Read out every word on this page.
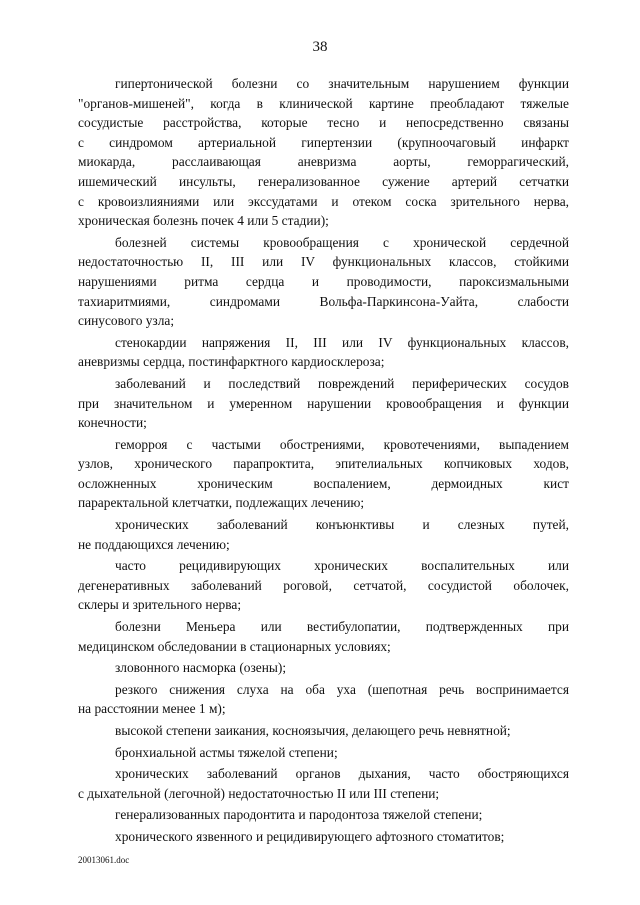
38
гипертонической болезни со значительным нарушением функции
"органов-мишеней", когда в клинической картине преобладают тяжелые
сосудистые расстройства, которые тесно и непосредственно связаны
с синдромом артериальной гипертензии (крупноочаговый инфаркт
миокарда, расслаивающая аневризма аорты, геморрагический,
ишемический инсульты, генерализованное сужение артерий сетчатки
с кровоизлияниями или экссудатами и отеком соска зрительного нерва,
хроническая болезнь почек 4 или 5 стадии);
болезней системы кровообращения с хронической сердечной
недостаточностью II, III или IV функциональных классов, стойкими
нарушениями ритма сердца и проводимости, пароксизмальными
тахиаритмиями, синдромами Вольфа-Паркинсона-Уайта, слабости
синусового узла;
стенокардии напряжения II, III или IV функциональных классов,
аневризмы сердца, постинфарктного кардиосклероза;
заболеваний и последствий повреждений периферических сосудов
при значительном и умеренном нарушении кровообращения и функции
конечности;
геморроя с частыми обострениями, кровотечениями, выпадением
узлов, хронического парапроктита, эпителиальных копчиковых ходов,
осложненных хроническим воспалением, дермоидных кист
параректальной клетчатки, подлежащих лечению;
хронических заболеваний конъюнктивы и слезных путей,
не поддающихся лечению;
часто рецидивирующих хронических воспалительных или
дегенеративных заболеваний роговой, сетчатой, сосудистой оболочек,
склеры и зрительного нерва;
болезни Меньера или вестибулопатии, подтвержденных при
медицинском обследовании в стационарных условиях;
зловонного насморка (озены);
резкого снижения слуха на оба уха (шепотная речь воспринимается
на расстоянии менее 1 м);
высокой степени заикания, косноязычия, делающего речь невнятной;
бронхиальной астмы тяжелой степени;
хронических заболеваний органов дыхания, часто обостряющихся
с дыхательной (легочной) недостаточностью II или III степени;
генерализованных пародонтита и пародонтоза тяжелой степени;
хронического язвенного и рецидивирующего афтозного стоматитов;
20013061.doc
